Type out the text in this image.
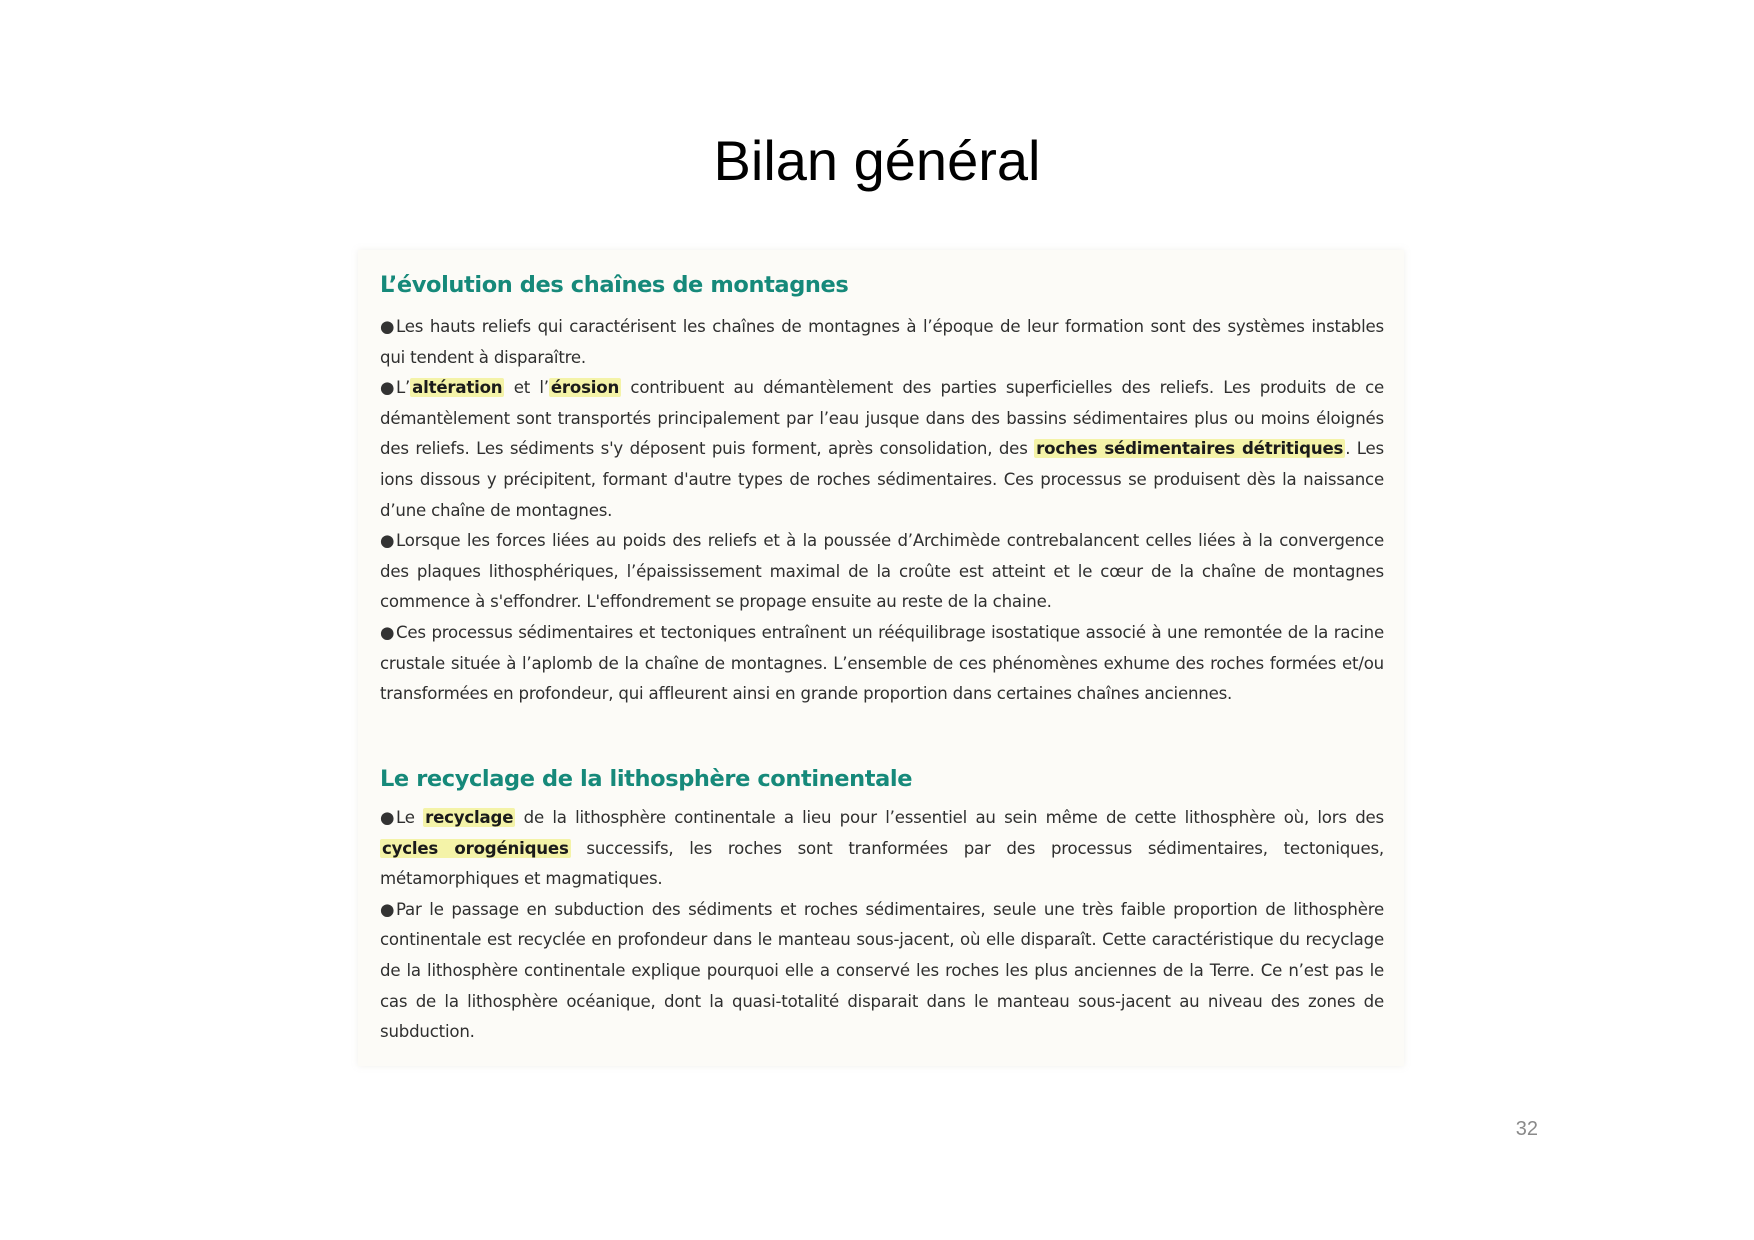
Bilan général
L’évolution des chaînes de montagnes
● Les hauts reliefs qui caractérisent les chaînes de montagnes à l’époque de leur formation sont des systèmes instables qui tendent à disparaître.
● L’ altération et l’ érosion contribuent au démantèlement des parties superficielles des reliefs. Les produits de ce démantèlement sont transportés principalement par l’eau jusque dans des bassins sédimentaires plus ou moins éloignés des reliefs. Les sédiments s'y déposent puis forment, après consolidation, des roches sédimentaires détritiques . Les ions dissous y précipitent, formant d'autre types de roches sédimentaires. Ces processus se produisent dès la naissance d’une chaîne de montagnes.
● Lorsque les forces liées au poids des reliefs et à la poussée d’Archimède contrebalancent celles liées à la convergence des plaques lithosphériques, l’épaississement maximal de la croûte est atteint et le cœur de la chaîne de montagnes commence à s'effondrer. L'effondrement se propage ensuite au reste de la chaine.
● Ces processus sédimentaires et tectoniques entraînent un rééquilibrage isostatique associé à une remontée de la racine crustale située à l’aplomb de la chaîne de montagnes. L’ensemble de ces phénomènes exhume des roches formées et/ou transformées en profondeur, qui affleurent ainsi en grande proportion dans certaines chaînes anciennes.
Le recyclage de la lithosphère continentale
● Le recyclage de la lithosphère continentale a lieu pour l’essentiel au sein même de cette lithosphère où, lors des cycles orogéniques successifs, les roches sont tranformées par des processus sédimentaires, tectoniques, métamorphiques et magmatiques.
● Par le passage en subduction des sédiments et roches sédimentaires, seule une très faible proportion de lithosphère continentale est recyclée en profondeur dans le manteau sous-jacent, où elle disparaît. Cette caractéristique du recyclage de la lithosphère continentale explique pourquoi elle a conservé les roches les plus anciennes de la Terre. Ce n’est pas le cas de la lithosphère océanique, dont la quasi-totalité disparait dans le manteau sous-jacent au niveau des zones de subduction.
32
